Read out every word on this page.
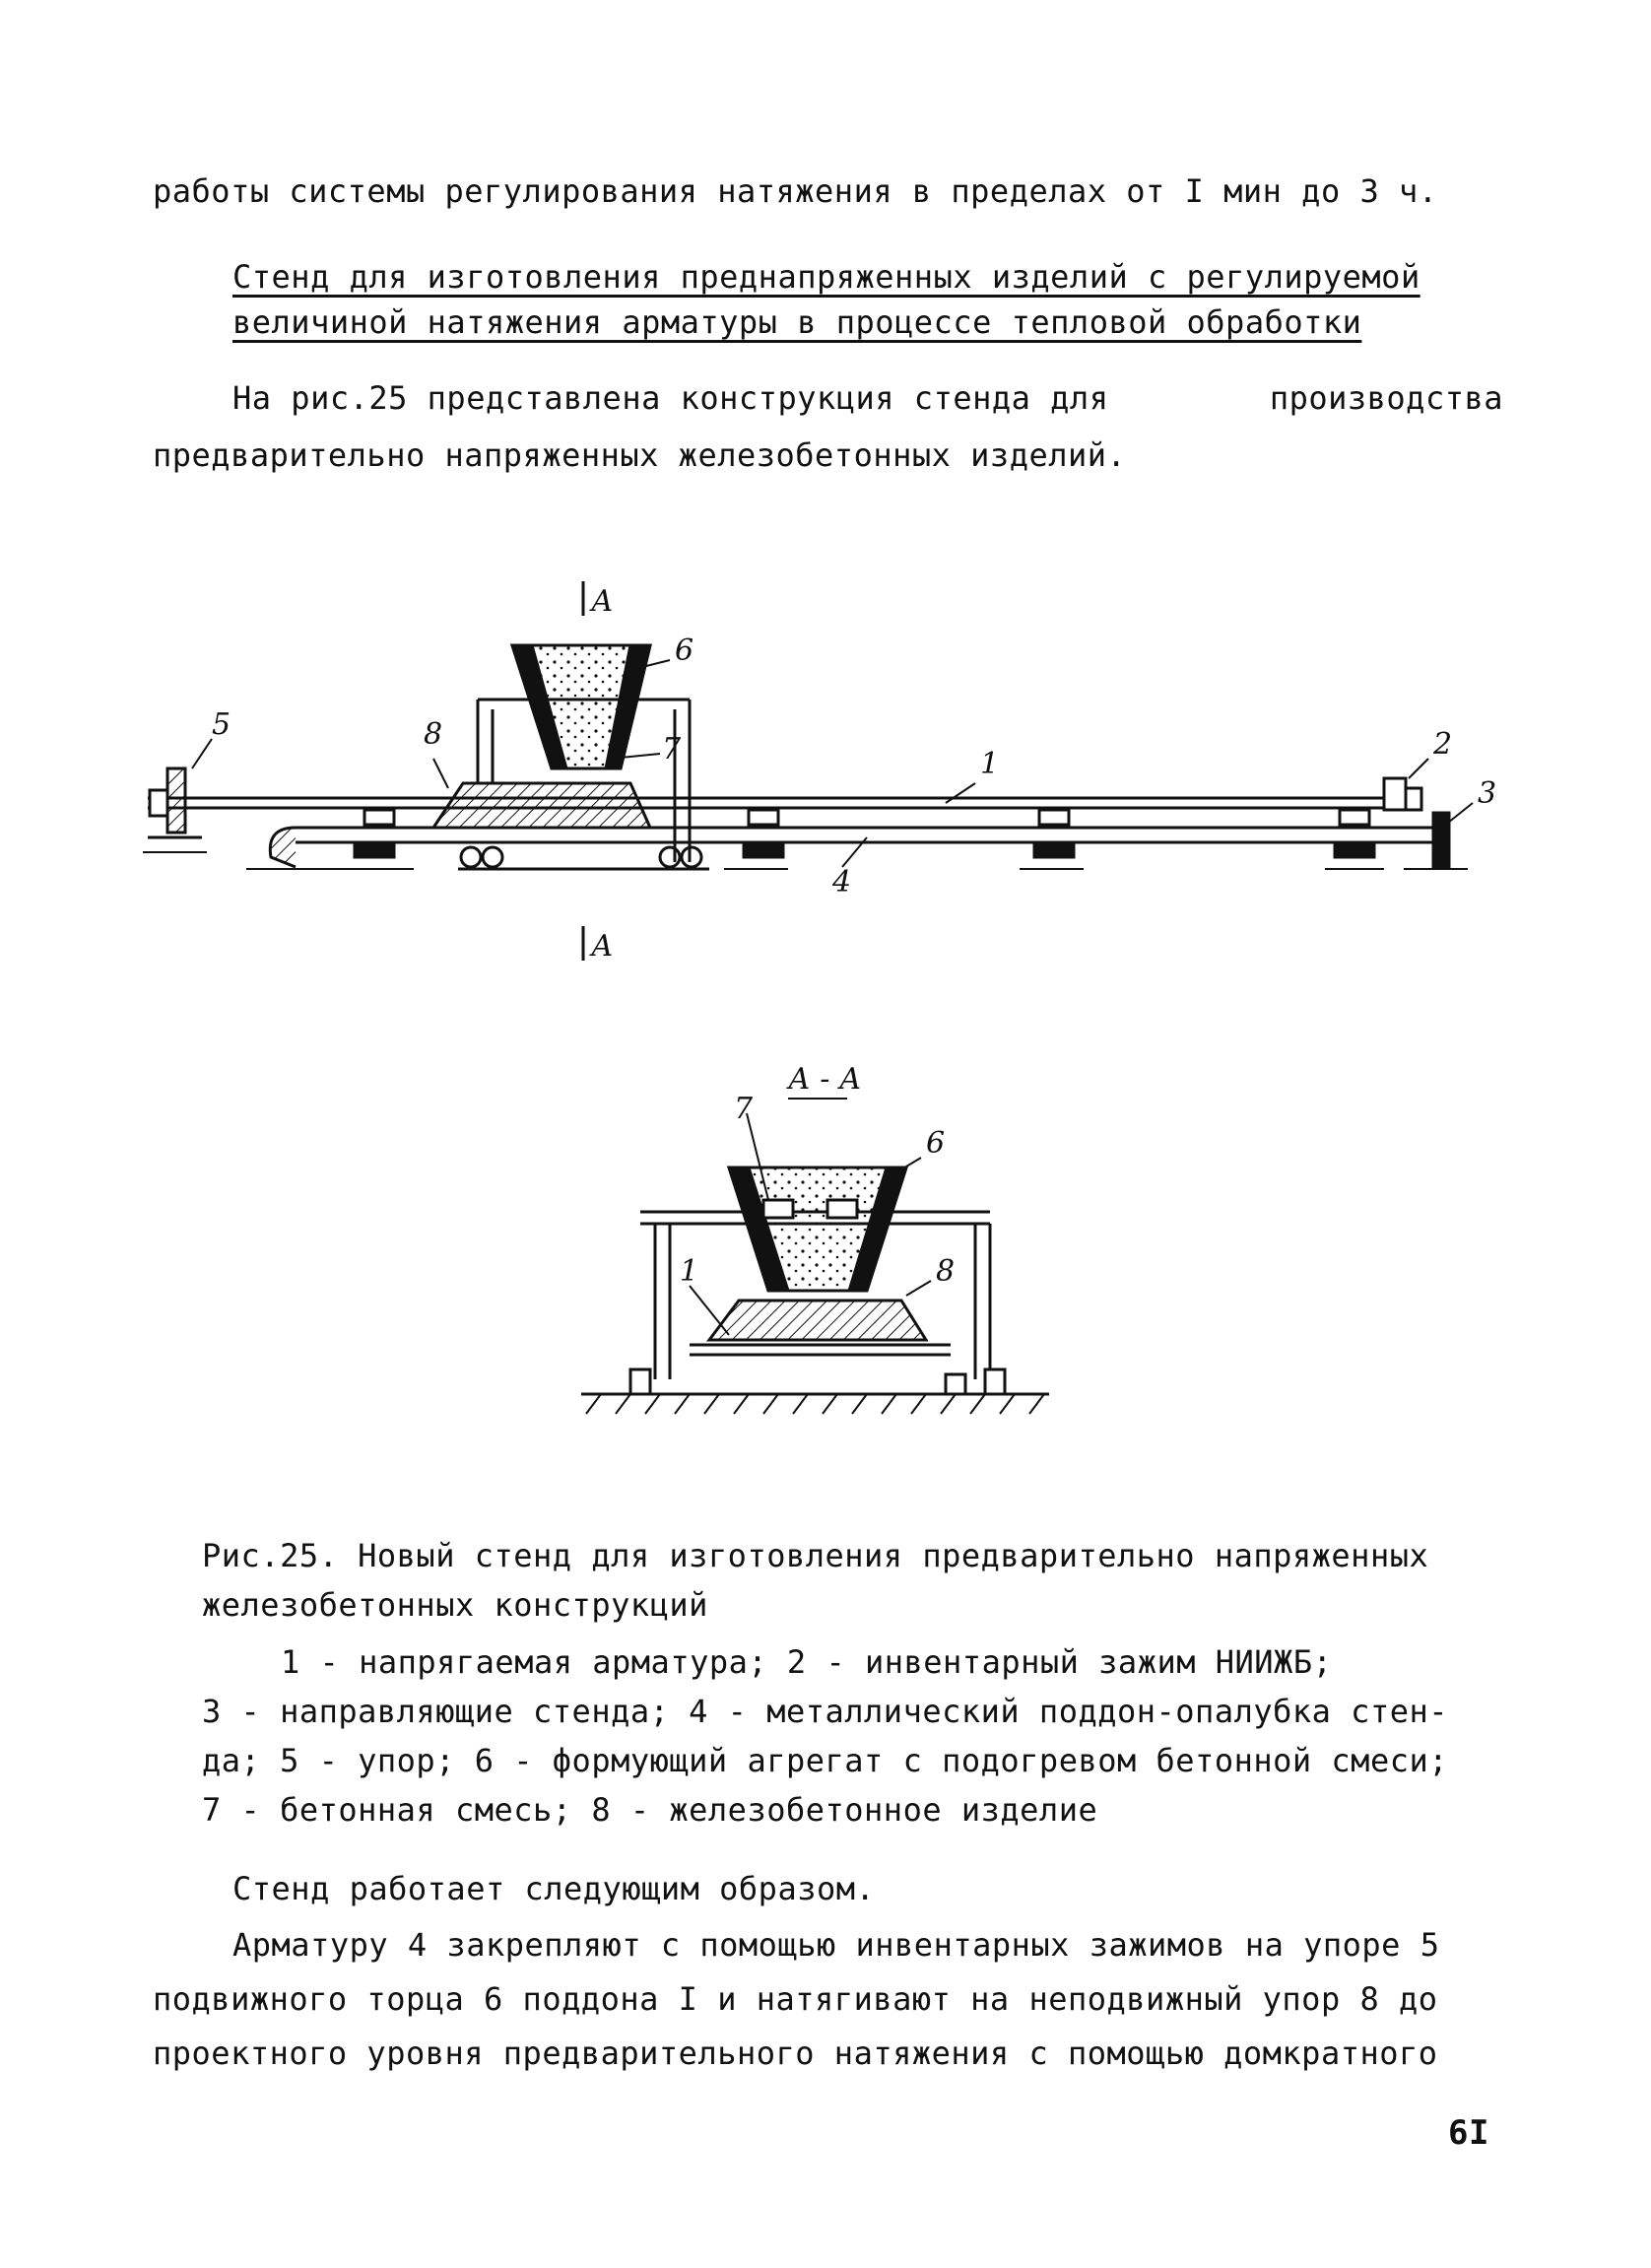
работы системы регулирования натяжения в пределах от I мин до 3 ч.
Стенд для изготовления преднапряженных изделий с регулируемой
величиной натяжения арматуры в процессе тепловой обработки
На рис.25 представлена конструкция стенда для	производства
предварительно напряженных железобетонных изделий.
А
А
1
2
3
4
5
6
7
8
А - А
1
6
7
8
Рис.25. Новый стенд для изготовления предварительно напряженных
железобетонных конструкций
1 - напрягаемая арматура; 2 - инвентарный зажим НИИЖБ;
3 - направляющие стенда; 4 - металлический поддон-опалубка стен-
да; 5 - упор; 6 - формующий агрегат с подогревом бетонной смеси;
7 - бетонная смесь; 8 - железобетонное изделие
Стенд работает следующим образом.
Арматуру 4 закрепляют с помощью инвентарных зажимов на упоре 5
подвижного торца 6 поддона I и натягивают на неподвижный упор 8 до
проектного уровня предварительного натяжения с помощью домкратного
6I
